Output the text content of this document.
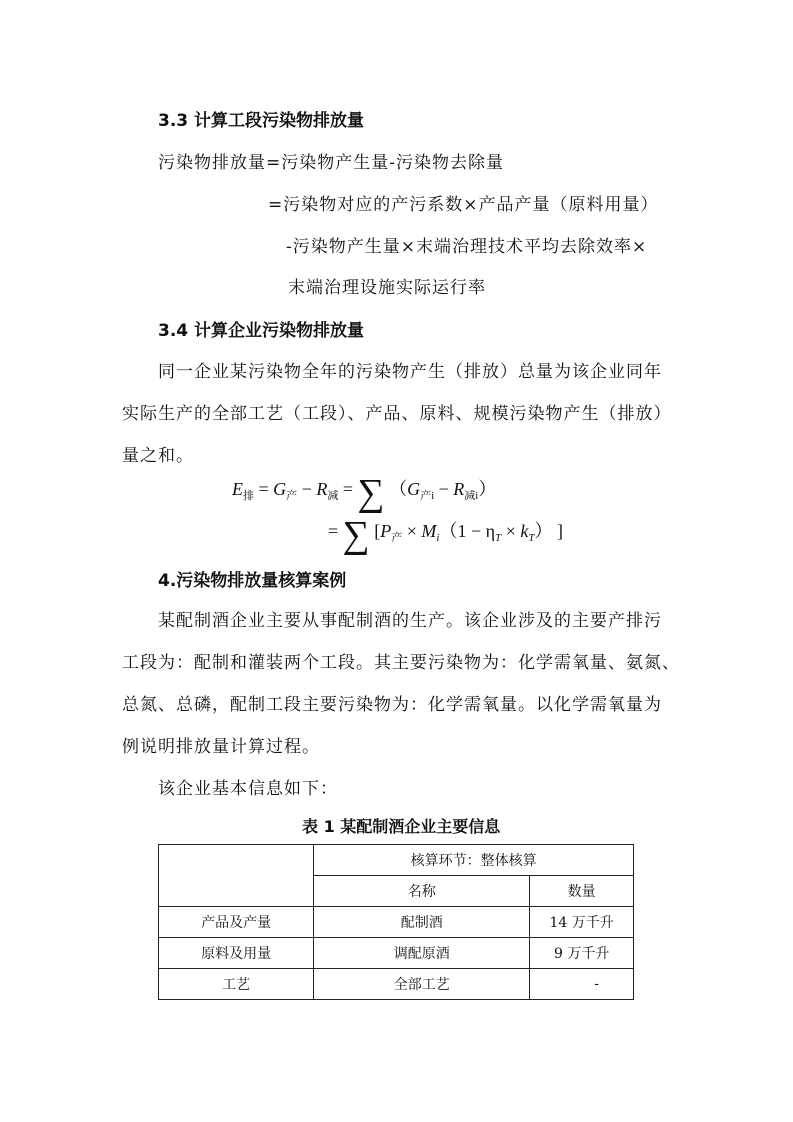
3.3 计算工段污染物排放量
污染物排放量=污染物产生量-污染物去除量
=污染物对应的产污系数×产品产量（原料用量）
-污染物产生量×末端治理技术平均去除效率×
末端治理设施实际运行率
3.4 计算企业污染物排放量
同一企业某污染物全年的污染物产生（排放）总量为该企业同年
实际生产的全部工艺（工段）、产品、原料、规模污染物产生（排放）
量之和。
$E_排 = G_产 - R_减$ = ∑ $(G_{产i} - R_{减i})$
= ∑ [$P_产 \times M_i(1 - \eta_T \times k_T)$ ]
4.污染物排放量核算案例
某配制酒企业主要从事配制酒的生产。该企业涉及的主要产排污
工段为：配制和灌装两个工段。其主要污染物为：化学需氧量、氨氮、
总氮、总磷，配制工段主要污染物为：化学需氧量。以化学需氧量为
例说明排放量计算过程。
该企业基本信息如下：
表 1 某配制酒企业主要信息
	核算环节：整体核算	
	名称	数量
产品及产量	配制酒	14 万千升
原料及用量	调配原酒	9 万千升
工艺	全部工艺	-
